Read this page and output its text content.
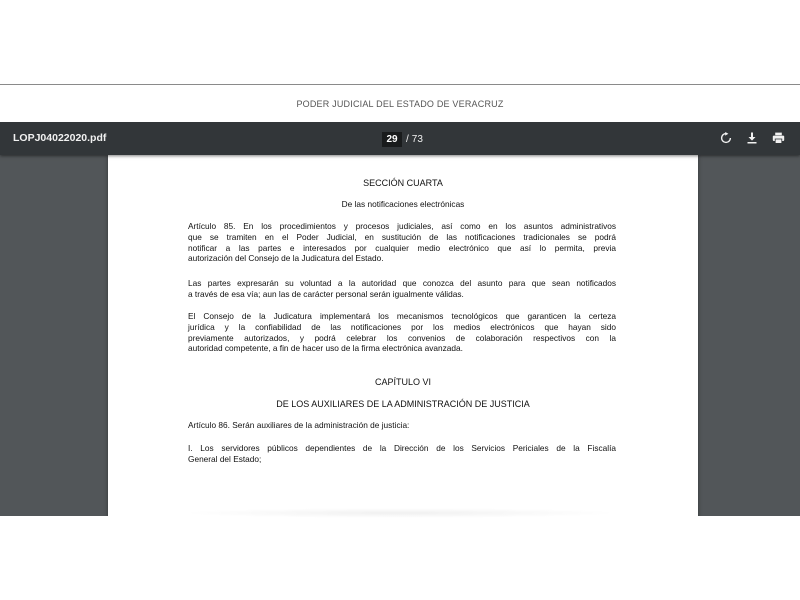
PODER JUDICIAL DEL ESTADO DE VERACRUZ
LOPJ04022020.pdf
29	/ 73
SECCIÓN CUARTA
De las notificaciones electrónicas
Artículo 85. En los procedimientos y procesos judiciales, así como en los asuntos administrativos
que se tramiten en el Poder Judicial, en sustitución de las notificaciones tradicionales se podrá
notificar a las partes e interesados por cualquier medio electrónico que así lo permita, previa
autorización del Consejo de la Judicatura del Estado.
Las partes expresarán su voluntad a la autoridad que conozca del asunto para que sean notificados
a través de esa vía; aun las de carácter personal serán igualmente válidas.
El Consejo de la Judicatura implementará los mecanismos tecnológicos que garanticen la certeza
jurídica y la confiabilidad de las notificaciones por los medios electrónicos que hayan sido
previamente autorizados, y podrá celebrar los convenios de colaboración respectivos con la
autoridad competente, a fin de hacer uso de la firma electrónica avanzada.
CAPÍTULO VI
DE LOS AUXILIARES DE LA ADMINISTRACIÓN DE JUSTICIA
Artículo 86. Serán auxiliares de la administración de justicia:
I. Los servidores públicos dependientes de la Dirección de los Servicios Periciales de la Fiscalía
General del Estado;
